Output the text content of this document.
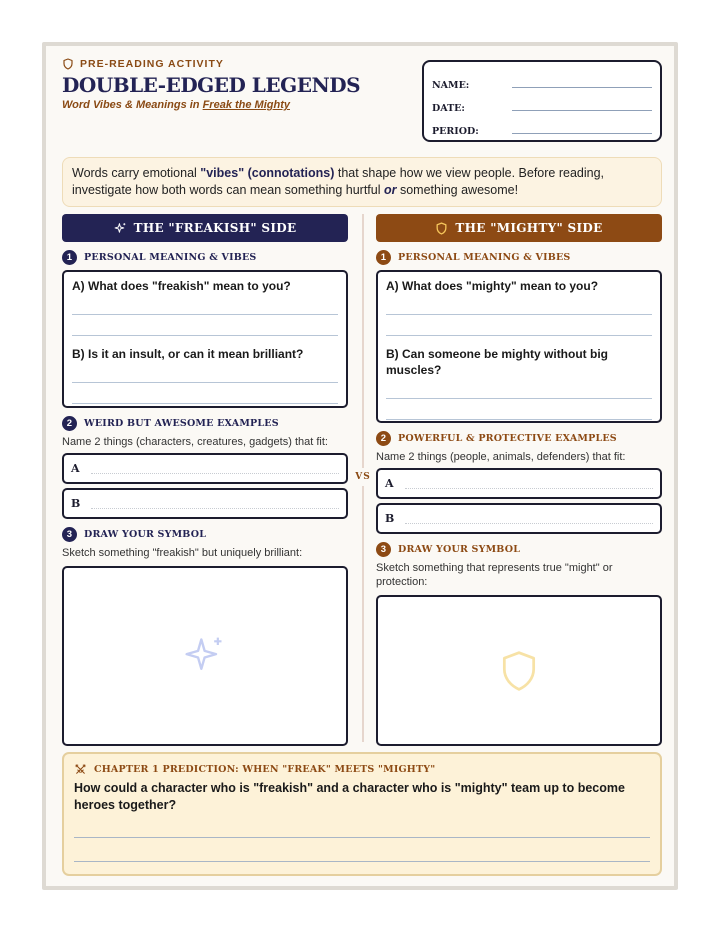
PRE-READING ACTIVITY
DOUBLE-EDGED LEGENDS
Word Vibes & Meanings in Freak the Mighty
NAME:
DATE:
PERIOD:
Words carry emotional "vibes" (connotations) that shape how we view people. Before reading, investigate how both words can mean something hurtful or something awesome!
VS
THE "FREAKISH" SIDE
1	PERSONAL MEANING & VIBES
A) What does "freakish" mean to you?
B) Is it an insult, or can it mean brilliant?
2	WEIRD BUT AWESOME EXAMPLES
Name 2 things (characters, creatures, gadgets) that fit:
A
B
3	DRAW YOUR SYMBOL
Sketch something "freakish" but uniquely brilliant:
THE "MIGHTY" SIDE
1	PERSONAL MEANING & VIBES
A) What does "mighty" mean to you?
B) Can someone be mighty without big muscles?
2	POWERFUL & PROTECTIVE EXAMPLES
Name 2 things (people, animals, defenders) that fit:
A
B
3	DRAW YOUR SYMBOL
Sketch something that represents true "might" or protection:
CHAPTER 1 PREDICTION: WHEN "FREAK" MEETS "MIGHTY"
How could a character who is "freakish" and a character who is "mighty" team up to become heroes together?
